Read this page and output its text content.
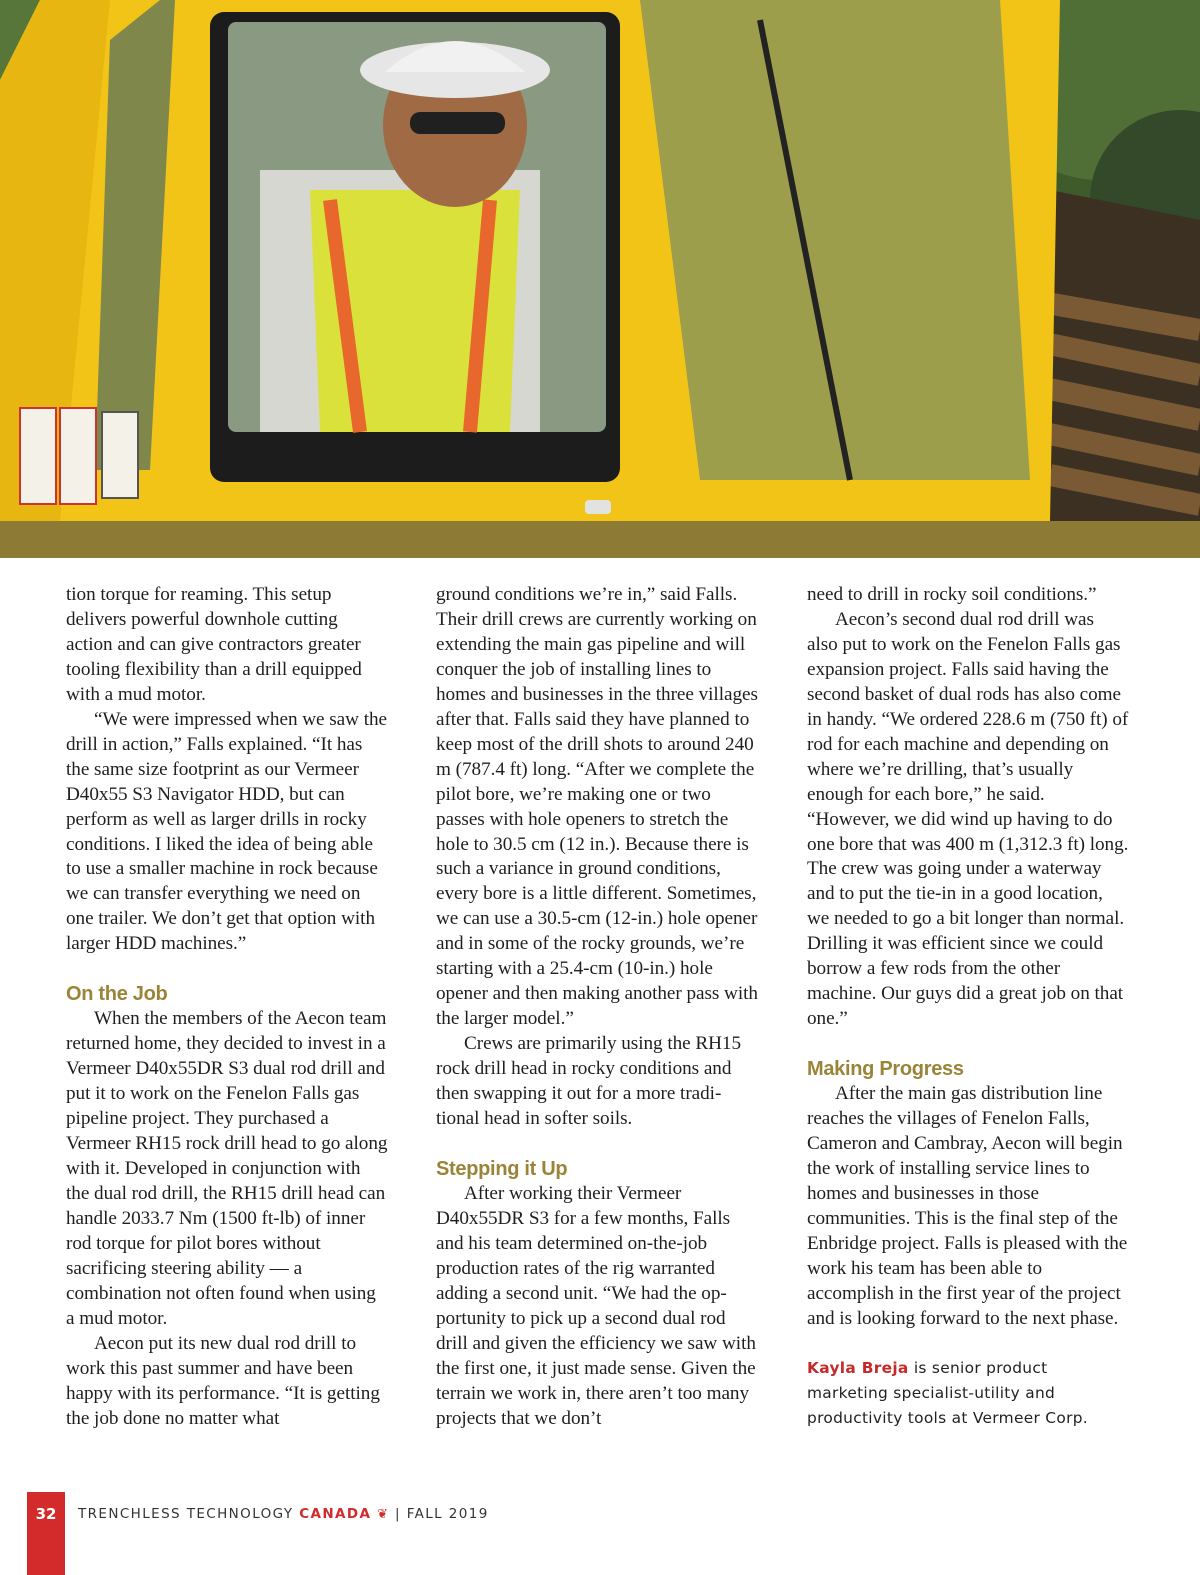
tion torque for reaming. This setup delivers powerful downhole cutting action and can give contractors greater tooling flexibility than a drill equipped with a mud motor.

“We were impressed when we saw the drill in action,” Falls explained. “It has the same size footprint as our Vermeer D40x55 S3 Navigator HDD, but can perform as well as larger drills in rocky conditions. I liked the idea of being able to use a smaller machine in rock because we can transfer everything we need on one trailer. We don’t get that option with larger HDD machines.”

On the Job

When the members of the Aecon team returned home, they decided to invest in a Vermeer D40x55DR S3 dual rod drill and put it to work on the Fenelon Falls gas pipeline project. They purchased a Vermeer RH15 rock drill head to go along with it. Developed in conjunction with the dual rod drill, the RH15 drill head can handle 2033.7 Nm (1500 ft-lb) of inner rod torque for pilot bores without sacrificing steering ability — a combination not often found when using a mud motor.

Aecon put its new dual rod drill to work this past summer and have been happy with its performance. “It is getting the job done no matter what

ground conditions we’re in,” said Falls. Their drill crews are currently working on extending the main gas pipeline and will conquer the job of installing lines to homes and businesses in the three villages after that. Falls said they have planned to keep most of the drill shots to around 240 m (787.4 ft) long. “After we complete the pilot bore, we’re making one or two passes with hole openers to stretch the hole to 30.5 cm (12 in.). Because there is such a variance in ground conditions, every bore is a little different. Sometimes, we can use a 30.5-cm (12-in.) hole opener and in some of the rocky grounds, we’re starting with a 25.4-cm (10-in.) hole opener and then making another pass with the larger model.”

Crews are primarily using the RH15 rock drill head in rocky conditions and then swapping it out for a more traditional head in softer soils.

Stepping it Up

After working their Vermeer D40x55DR S3 for a few months, Falls and his team determined on-the-job production rates of the rig warranted adding a second unit. “We had the opportunity to pick up a second dual rod drill and given the efficiency we saw with the first one, it just made sense. Given the terrain we work in, there aren’t too many projects that we don’t

need to drill in rocky soil conditions.”

Aecon’s second dual rod drill was also put to work on the Fenelon Falls gas expansion project. Falls said having the second basket of dual rods has also come in handy. “We ordered 228.6 m (750 ft) of rod for each machine and depending on where we’re drilling, that’s usually enough for each bore,” he said. “However, we did wind up having to do one bore that was 400 m (1,312.3 ft) long. The crew was going under a waterway and to put the tie-in in a good location, we needed to go a bit longer than normal. Drilling it was efficient since we could borrow a few rods from the other machine. Our guys did a great job on that one.”

Making Progress

After the main gas distribution line reaches the villages of Fenelon Falls, Cameron and Cambray, Aecon will begin the work of installing service lines to homes and businesses in those communities. This is the final step of the Enbridge project. Falls is pleased with the work his team has been able to accomplish in the first year of the project and is looking forward to the next phase.

Kayla Breja is senior product marketing specialist-utility and productivity tools at Vermeer Corp.
32	TRENCHLESS TECHNOLOGY CANADA ❦ | FALL 2019
